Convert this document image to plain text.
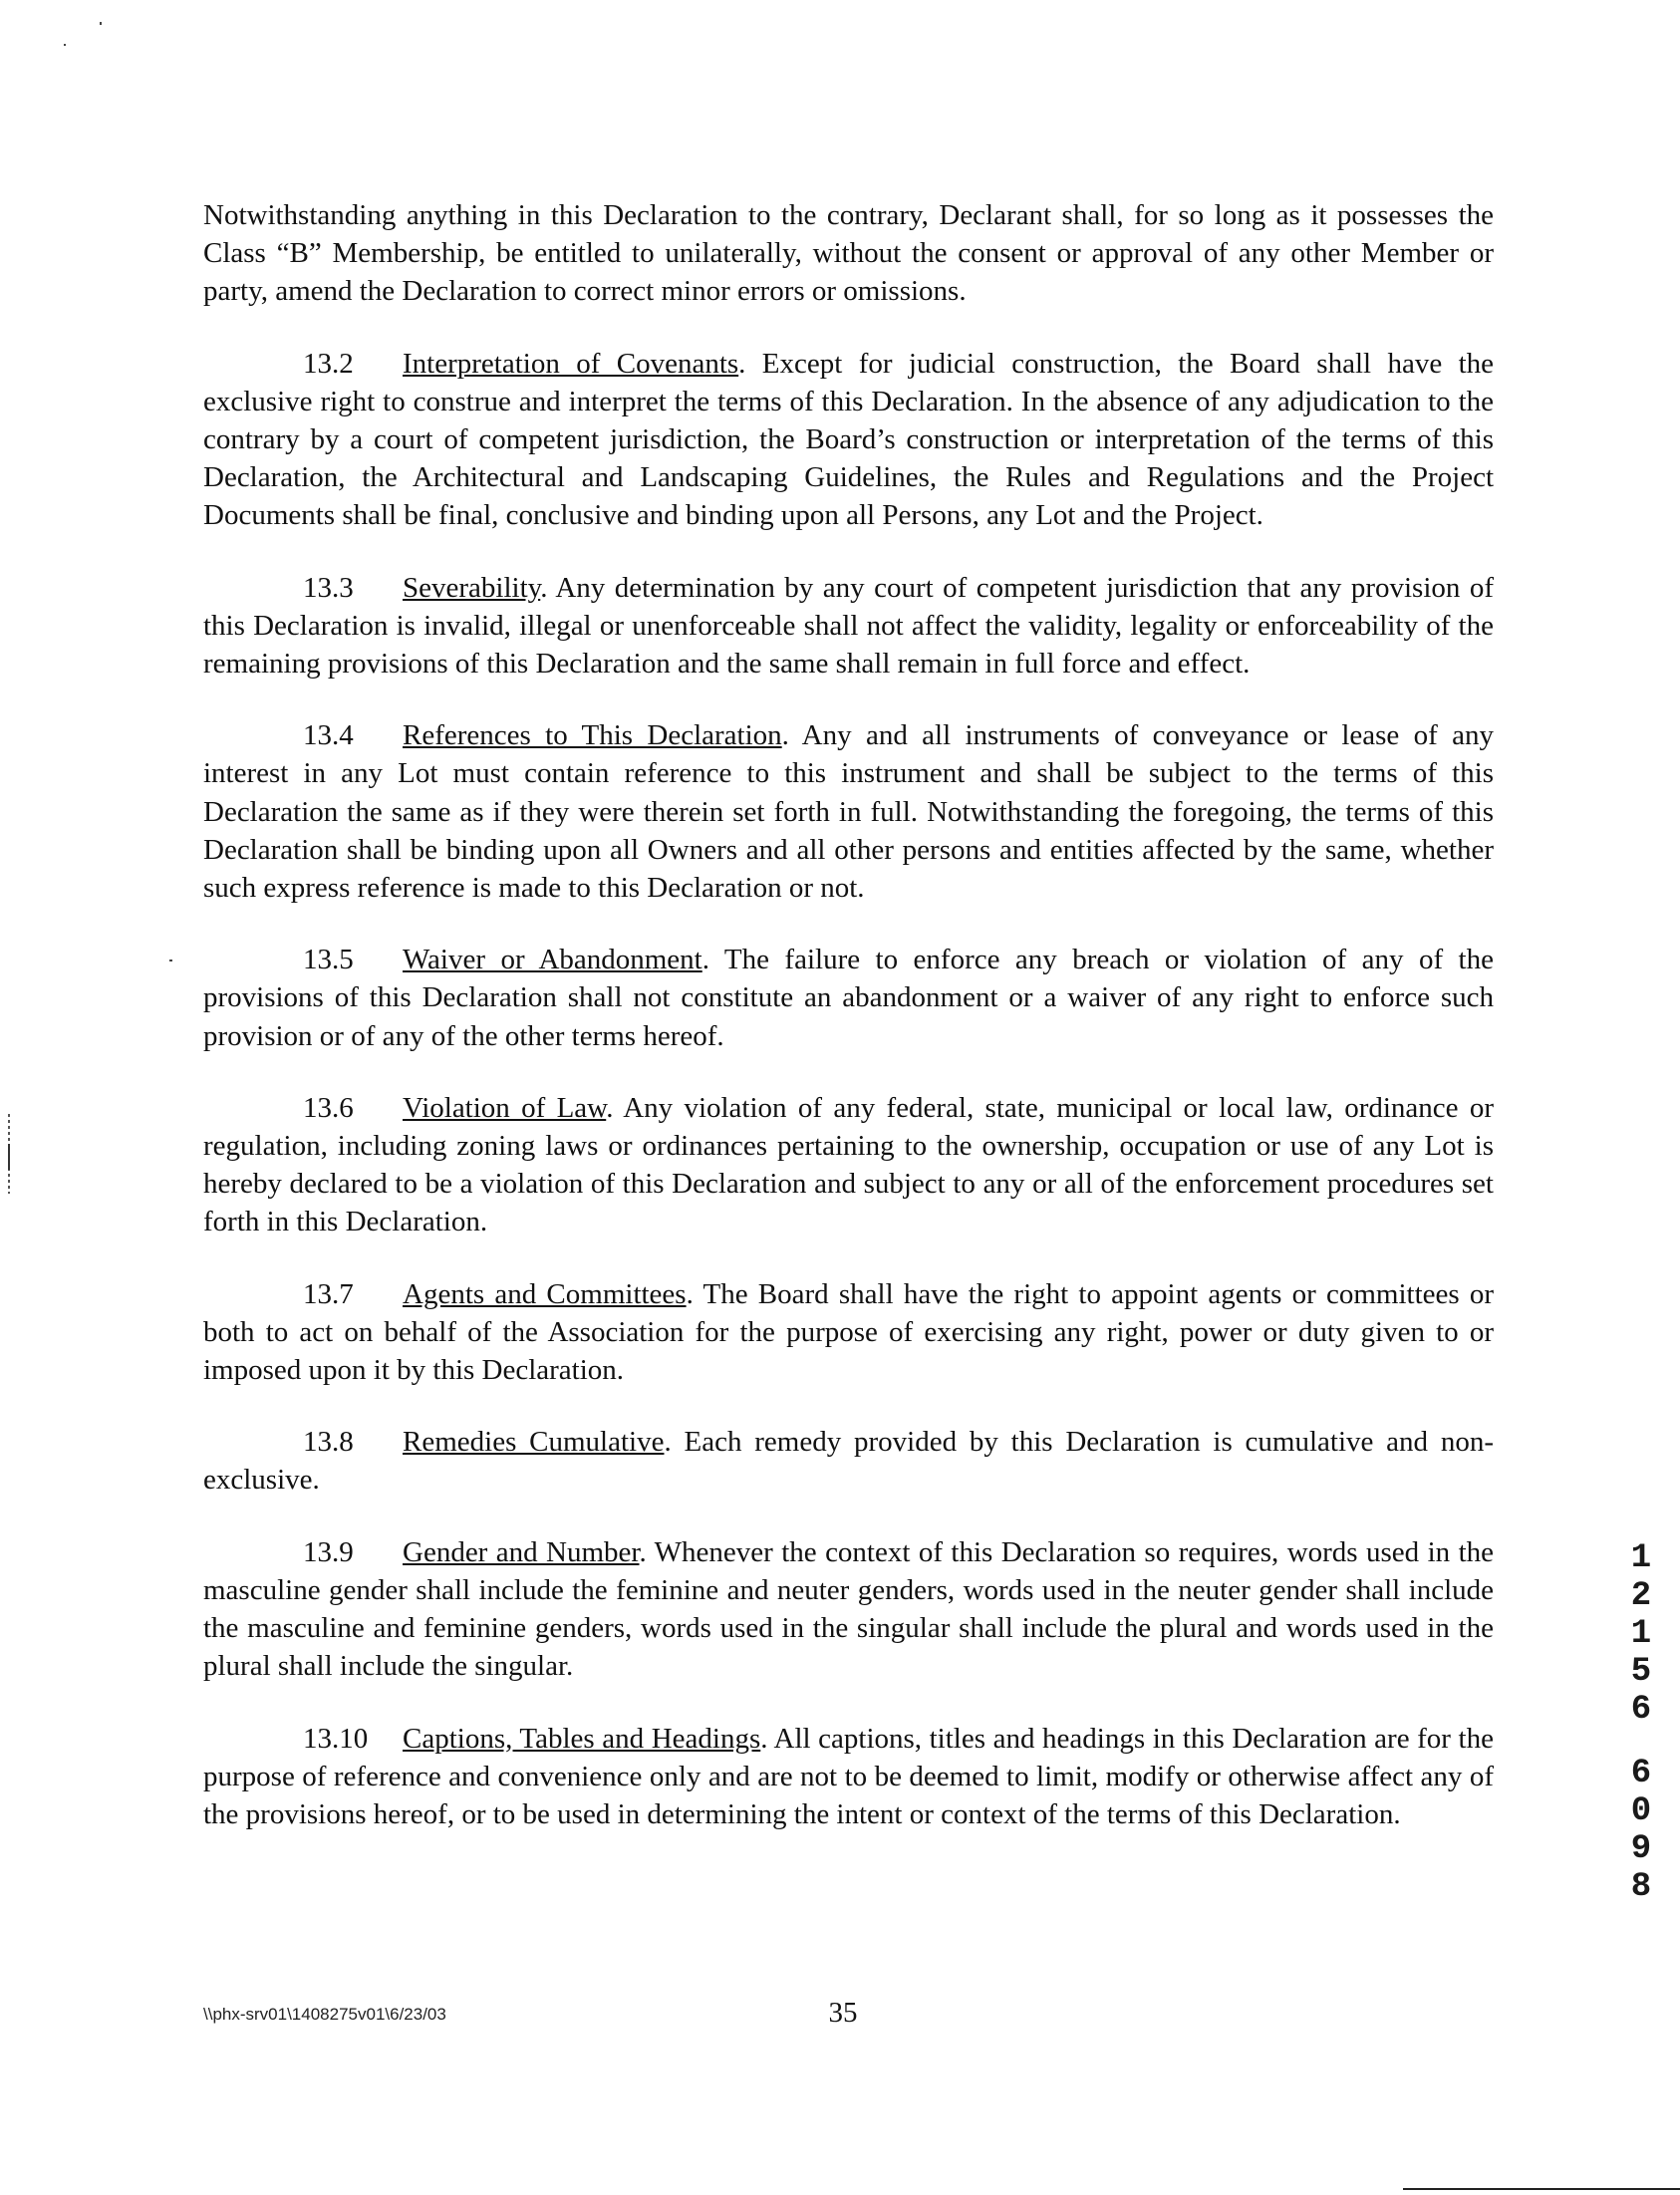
Notwithstanding anything in this Declaration to the contrary, Declarant shall, for so long as it possesses the Class “B” Membership, be entitled to unilaterally, without the consent or approval of any other Member or party, amend the Declaration to correct minor errors or omissions.

13.2 Interpretation of Covenants. Except for judicial construction, the Board shall have the exclusive right to construe and interpret the terms of this Declaration. In the absence of any adjudication to the contrary by a court of competent jurisdiction, the Board’s construction or interpretation of the terms of this Declaration, the Architectural and Landscaping Guidelines, the Rules and Regulations and the Project Documents shall be final, conclusive and binding upon all Persons, any Lot and the Project.

13.3 Severability. Any determination by any court of competent jurisdiction that any provision of this Declaration is invalid, illegal or unenforceable shall not affect the validity, legality or enforceability of the remaining provisions of this Declaration and the same shall remain in full force and effect.

13.4 References to This Declaration. Any and all instruments of conveyance or lease of any interest in any Lot must contain reference to this instrument and shall be subject to the terms of this Declaration the same as if they were therein set forth in full. Notwithstanding the foregoing, the terms of this Declaration shall be binding upon all Owners and all other persons and entities affected by the same, whether such express reference is made to this Declaration or not.

13.5 Waiver or Abandonment. The failure to enforce any breach or violation of any of the provisions of this Declaration shall not constitute an abandonment or a waiver of any right to enforce such provision or of any of the other terms hereof.

13.6 Violation of Law. Any violation of any federal, state, municipal or local law, ordinance or regulation, including zoning laws or ordinances pertaining to the ownership, occupation or use of any Lot is hereby declared to be a violation of this Declaration and subject to any or all of the enforcement procedures set forth in this Declaration.

13.7 Agents and Committees. The Board shall have the right to appoint agents or committees or both to act on behalf of the Association for the purpose of exercising any right, power or duty given to or imposed upon it by this Declaration.

13.8 Remedies Cumulative. Each remedy provided by this Declaration is cumulative and non-exclusive.

13.9 Gender and Number. Whenever the context of this Declaration so requires, words used in the masculine gender shall include the feminine and neuter genders, words used in the neuter gender shall include the masculine and feminine genders, words used in the singular shall include the plural and words used in the plural shall include the singular.

13.10 Captions, Tables and Headings. All captions, titles and headings in this Declaration are for the purpose of reference and convenience only and are not to be deemed to limit, modify or otherwise affect any of the provisions hereof, or to be used in determining the intent or context of the terms of this Declaration.

1
2
1
5
6
6
0
9
8
\\phx-srv01\1408275v01\6/23/03	35
